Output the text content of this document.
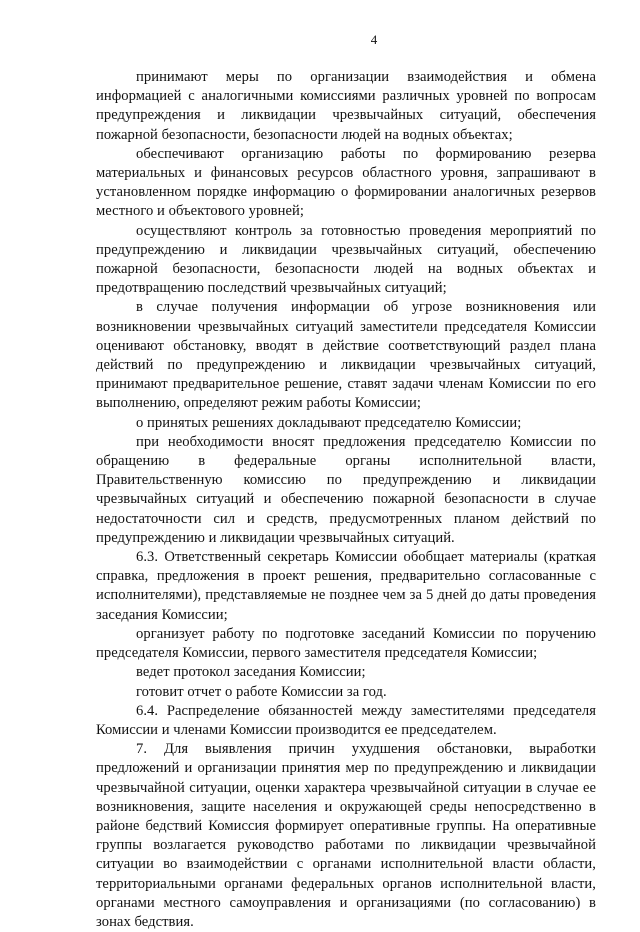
4

принимают меры по организации взаимодействия и обмена информацией с аналогичными комиссиями различных уровней по вопросам предупреждения и ликвидации чрезвычайных ситуаций, обеспечения пожарной безопасности, безопасности людей на водных объектах;

обеспечивают организацию работы по формированию резерва материальных и финансовых ресурсов областного уровня, запрашивают в установленном порядке информацию о формировании аналогичных резервов местного и объектового уровней;

осуществляют контроль за готовностью проведения мероприятий по предупреждению и ликвидации чрезвычайных ситуаций, обеспечению пожарной безопасности, безопасности людей на водных объектах и предотвращению последствий чрезвычайных ситуаций;

в случае получения информации об угрозе возникновения или возникновении чрезвычайных ситуаций заместители председателя Комиссии оценивают обстановку, вводят в действие соответствующий раздел плана действий по предупреждению и ликвидации чрезвычайных ситуаций, принимают предварительное решение, ставят задачи членам Комиссии по его выполнению, определяют режим работы Комиссии;

о принятых решениях докладывают председателю Комиссии;

при необходимости вносят предложения председателю Комиссии по обращению в федеральные органы исполнительной власти, Правительственную комиссию по предупреждению и ликвидации чрезвычайных ситуаций и обеспечению пожарной безопасности в случае недостаточности сил и средств, предусмотренных планом действий по предупреждению и ликвидации чрезвычайных ситуаций.

6.3. Ответственный секретарь Комиссии обобщает материалы (краткая справка, предложения в проект решения, предварительно согласованные с исполнителями), представляемые не позднее чем за 5 дней до даты проведения заседания Комиссии;

организует работу по подготовке заседаний Комиссии по поручению председателя Комиссии, первого заместителя председателя Комиссии;

ведет протокол заседания Комиссии;

готовит отчет о работе Комиссии за год.

6.4. Распределение обязанностей между заместителями председателя Комиссии и членами Комиссии производится ее председателем.

7. Для выявления причин ухудшения обстановки, выработки предложений и организации принятия мер по предупреждению и ликвидации чрезвычайной ситуации, оценки характера чрезвычайной ситуации в случае ее возникновения, защите населения и окружающей среды непосредственно в районе бедствий Комиссия формирует оперативные группы. На оперативные группы возлагается руководство работами по ликвидации чрезвычайной ситуации во взаимодействии с органами исполнительной власти области, территориальными органами федеральных органов исполнительной власти, органами местного самоуправления и организациями (по согласованию) в зонах бедствия.
